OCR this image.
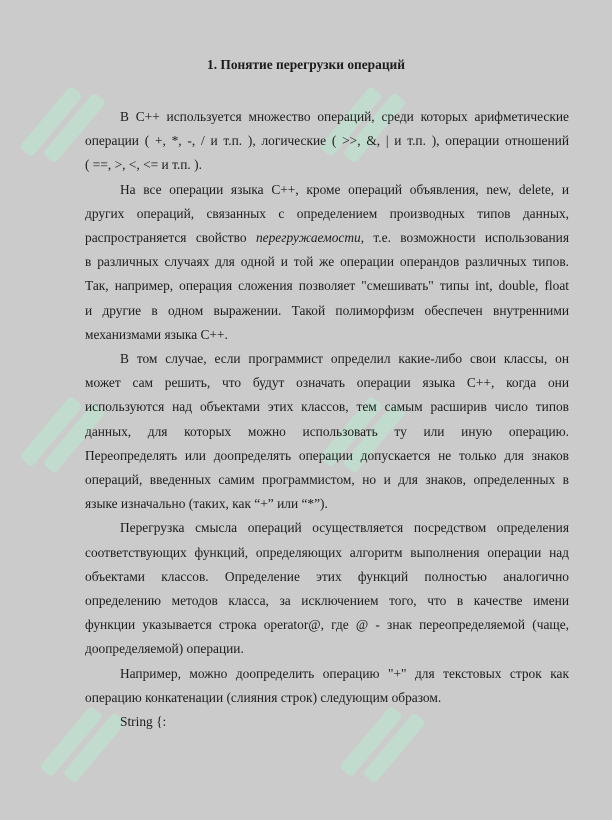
1. Понятие перегрузки операций
В С++ используется множество операций, среди которых арифметические
операции ( +, *, -, / и т.п. ), логические ( >>, &, | и т.п. ), операции отношений
( ==, >, <, <= и т.п. ).
На все операции языка С++, кроме операций объявления, new, delete, и
других операций, связанных с определением производных типов данных,
распространяется свойство перегружаемости, т.е. возможности использования
в различных случаях для одной и той же операции операндов различных типов.
Так, например, операция сложения позволяет "смешивать" типы int, double, float
и другие в одном выражении. Такой полиморфизм обеспечен внутренними
механизмами языка С++.
В том случае, если программист определил какие-либо свои классы, он
может сам решить, что будут означать операции языка С++, когда они
используются над объектами этих классов, тем самым расширив число типов
данных, для которых можно использовать ту или иную операцию.
Переопределять или доопределять операции допускается не только для знаков
операций, введенных самим программистом, но и для знаков, определенных в
языке изначально (таких, как “+” или “*”).
Перегрузка смысла операций осуществляется посредством определения
соответствующих функций, определяющих алгоритм выполнения операции над
объектами классов. Определение этих функций полностью аналогично
определению методов класса, за исключением того, что в качестве имени
функции указывается строка operator@, где @ - знак переопределяемой (чаще,
доопределяемой) операции.
Например, можно доопределить операцию "+" для текстовых строк как
операцию конкатенации (слияния строк) следующим образом.
String {:
